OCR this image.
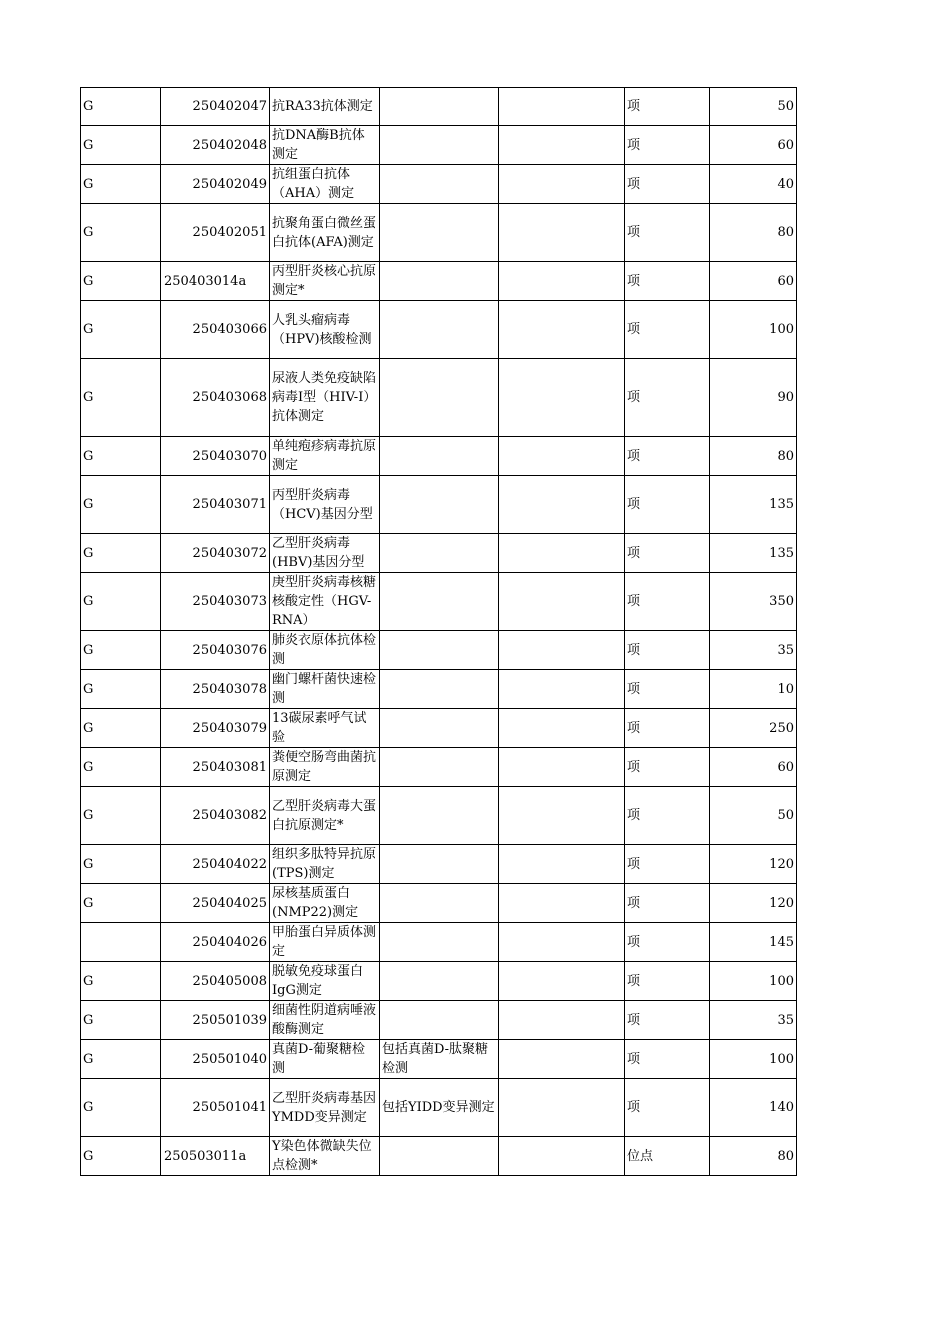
G	250402047	抗RA33抗体测定			项	50
G	250402048	抗DNA酶B抗体测定			项	60
G	250402049	抗组蛋白抗体（AHA）测定			项	40
G	250402051	抗聚角蛋白微丝蛋白抗体(AFA)测定			项	80
G	250403014a	丙型肝炎核心抗原测定*			项	60
G	250403066	人乳头瘤病毒（HPV)核酸检测			项	100
G	250403068	尿液人类免疫缺陷病毒I型（HIV-I）抗体测定			项	90
G	250403070	单纯疱疹病毒抗原测定			项	80
G	250403071	丙型肝炎病毒（HCV)基因分型			项	135
G	250403072	乙型肝炎病毒(HBV)基因分型			项	135
G	250403073	庚型肝炎病毒核糖核酸定性（HGV-RNA）			项	350
G	250403076	肺炎衣原体抗体检测			项	35
G	250403078	幽门螺杆菌快速检测			项	10
G	250403079	13碳尿素呼气试验			项	250
G	250403081	粪便空肠弯曲菌抗原测定			项	60
G	250403082	乙型肝炎病毒大蛋白抗原测定*			项	50
G	250404022	组织多肽特异抗原(TPS)测定			项	120
G	250404025	尿核基质蛋白(NMP22)测定			项	120
	250404026	甲胎蛋白异质体测定			项	145
G	250405008	脱敏免疫球蛋白IgG测定			项	100
G	250501039	细菌性阴道病唾液酸酶测定			项	35
G	250501040	真菌D-葡聚糖检测	包括真菌D-肽聚糖检测		项	100
G	250501041	乙型肝炎病毒基因YMDD变异测定	包括YIDD变异测定		项	140
G	250503011a	Y染色体微缺失位点检测*			位点	80
